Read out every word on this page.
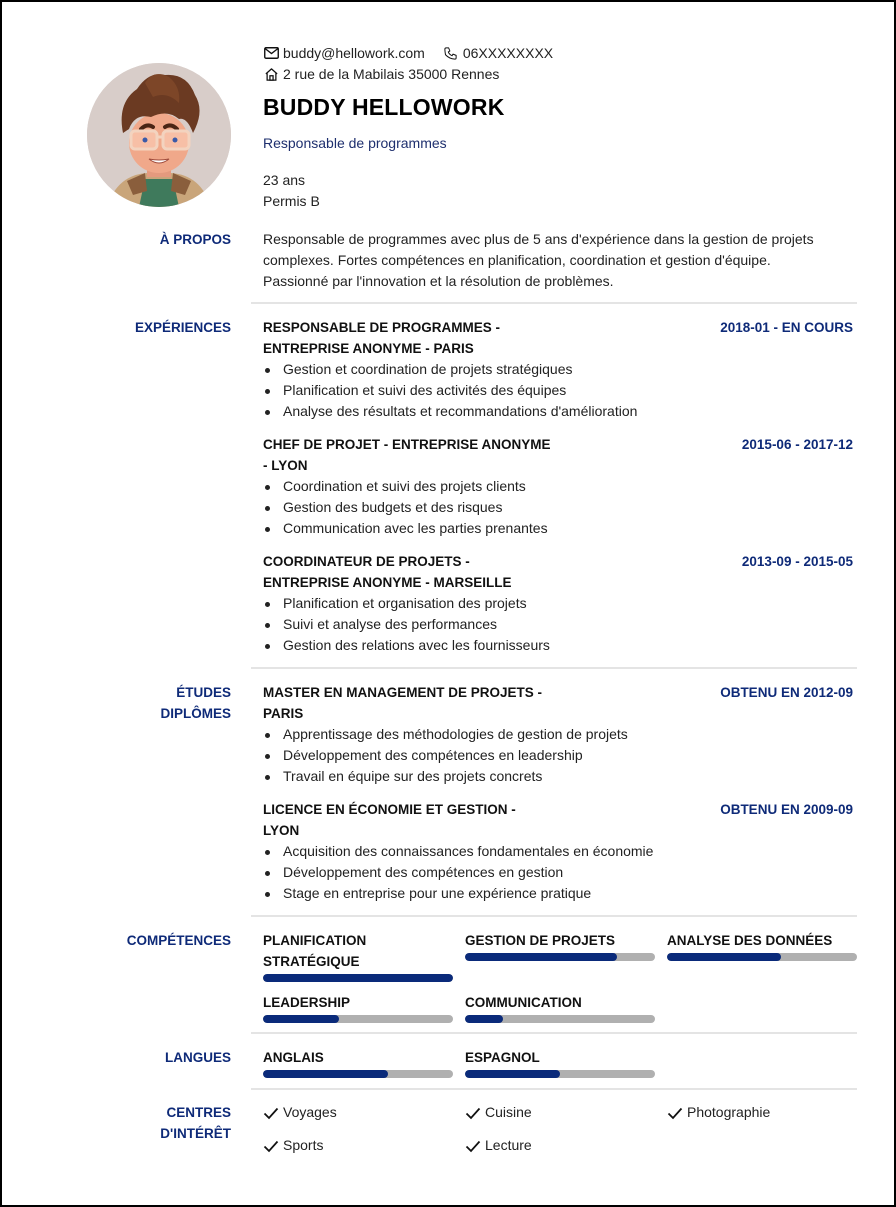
buddy@hellowork.com	06XXXXXXXX
2 rue de la Mabilais 35000 Rennes
BUDDY HELLOWORK
Responsable de programmes
23 ans
Permis B
À PROPOS Responsable de programmes avec plus de 5 ans d'expérience dans la gestion de projets
complexes. Fortes compétences en planification, coordination et gestion d'équipe.
Passionné par l'innovation et la résolution de problèmes.
EXPÉRIENCES RESPONSABLE DE PROGRAMMES -
ENTREPRISE ANONYME - PARIS
2018-01 - EN COURS
Gestion et coordination de projets stratégiques
Planification et suivi des activités des équipes
Analyse des résultats et recommandations d'amélioration
CHEF DE PROJET - ENTREPRISE ANONYME
- LYON
2015-06 - 2017-12
Coordination et suivi des projets clients
Gestion des budgets et des risques
Communication avec les parties prenantes
COORDINATEUR DE PROJETS -
ENTREPRISE ANONYME - MARSEILLE
2013-09 - 2015-05
Planification et organisation des projets
Suivi et analyse des performances
Gestion des relations avec les fournisseurs
ÉTUDES
DIPLÔMES
MASTER EN MANAGEMENT DE PROJETS -
PARIS
OBTENU EN 2012-09
Apprentissage des méthodologies de gestion de projets
Développement des compétences en leadership
Travail en équipe sur des projets concrets
LICENCE EN ÉCONOMIE ET GESTION -
LYON
OBTENU EN 2009-09
Acquisition des connaissances fondamentales en économie
Développement des compétences en gestion
Stage en entreprise pour une expérience pratique
COMPÉTENCES PLANIFICATION
STRATÉGIQUE
GESTION DE PROJETS	ANALYSE DES DONNÉES
LEADERSHIP	COMMUNICATION
LANGUES ANGLAIS	ESPAGNOL
CENTRES
D'INTÉRÊT
Voyages	Cuisine	Photographie
Sports	Lecture
